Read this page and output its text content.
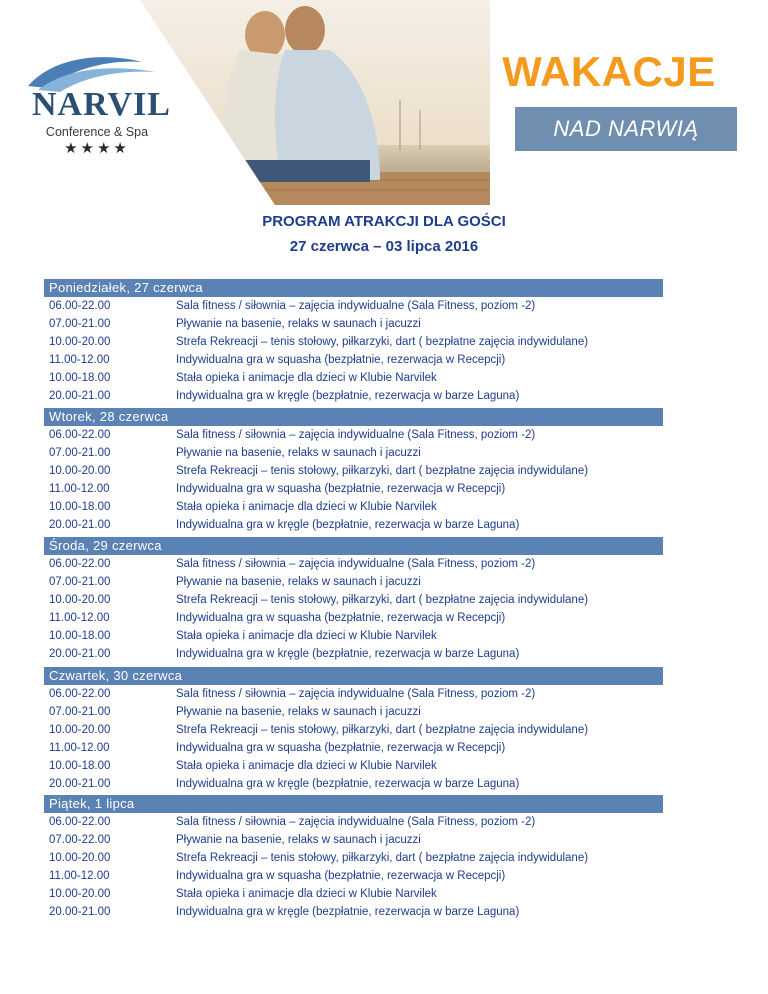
NARVIL
Conference & Spa
★★★★
WAKACJE
NAD NARWIĄ
PROGRAM ATRAKCJI DLA GOŚCI
27 czerwca – 03 lipca 2016
Poniedziałek, 27 czerwca
06.00-22.00	Sala fitness / siłownia – zajęcia indywidualne (Sala Fitness, poziom -2)
07.00-21.00	Pływanie na basenie, relaks w saunach i jacuzzi
10.00-20.00	Strefa Rekreacji – tenis stołowy, piłkarzyki, dart ( bezpłatne zajęcia indywidulane)
11.00-12.00	Indywidualna gra w squasha (bezpłatnie, rezerwacja w Recepcji)
10.00-18.00	Stała opieka i animacje dla dzieci w Klubie Narvilek
20.00-21.00	Indywidualna gra w kręgle (bezpłatnie, rezerwacja w barze Laguna)
Wtorek, 28 czerwca
06.00-22.00	Sala fitness / siłownia – zajęcia indywidualne (Sala Fitness, poziom -2)
07.00-21.00	Pływanie na basenie, relaks w saunach i jacuzzi
10.00-20.00	Strefa Rekreacji – tenis stołowy, piłkarzyki, dart ( bezpłatne zajęcia indywidulane)
11.00-12.00	Indywidualna gra w squasha (bezpłatnie, rezerwacja w Recepcji)
10.00-18.00	Stała opieka i animacje dla dzieci w Klubie Narvilek
20.00-21.00	Indywidualna gra w kręgle (bezpłatnie, rezerwacja w barze Laguna)
Środa, 29 czerwca
06.00-22.00	Sala fitness / siłownia – zajęcia indywidualne (Sala Fitness, poziom -2)
07.00-21.00	Pływanie na basenie, relaks w saunach i jacuzzi
10.00-20.00	Strefa Rekreacji – tenis stołowy, piłkarzyki, dart ( bezpłatne zajęcia indywidulane)
11.00-12.00	Indywidualna gra w squasha (bezpłatnie, rezerwacja w Recepcji)
10.00-18.00	Stała opieka i animacje dla dzieci w Klubie Narvilek
20.00-21.00	Indywidualna gra w kręgle (bezpłatnie, rezerwacja w barze Laguna)
Czwartek, 30 czerwca
06.00-22.00	Sala fitness / siłownia – zajęcia indywidualne (Sala Fitness, poziom -2)
07.00-21.00	Pływanie na basenie, relaks w saunach i jacuzzi
10.00-20.00	Strefa Rekreacji – tenis stołowy, piłkarzyki, dart ( bezpłatne zajęcia indywidulane)
11.00-12.00	Indywidualna gra w squasha (bezpłatnie, rezerwacja w Recepcji)
10.00-18.00	Stała opieka i animacje dla dzieci w Klubie Narvilek
20.00-21.00	Indywidualna gra w kręgle (bezpłatnie, rezerwacja w barze Laguna)
Piątek, 1 lipca
06.00-22.00	Sala fitness / siłownia – zajęcia indywidualne (Sala Fitness, poziom -2)
07.00-22.00	Pływanie na basenie, relaks w saunach i jacuzzi
10.00-20.00	Strefa Rekreacji – tenis stołowy, piłkarzyki, dart ( bezpłatne zajęcia indywidulane)
11.00-12.00	Indywidualna gra w squasha (bezpłatnie, rezerwacja w Recepcji)
10.00-20.00	Stała opieka i animacje dla dzieci w Klubie Narvilek
20.00-21.00	Indywidualna gra w kręgle (bezpłatnie, rezerwacja w barze Laguna)
